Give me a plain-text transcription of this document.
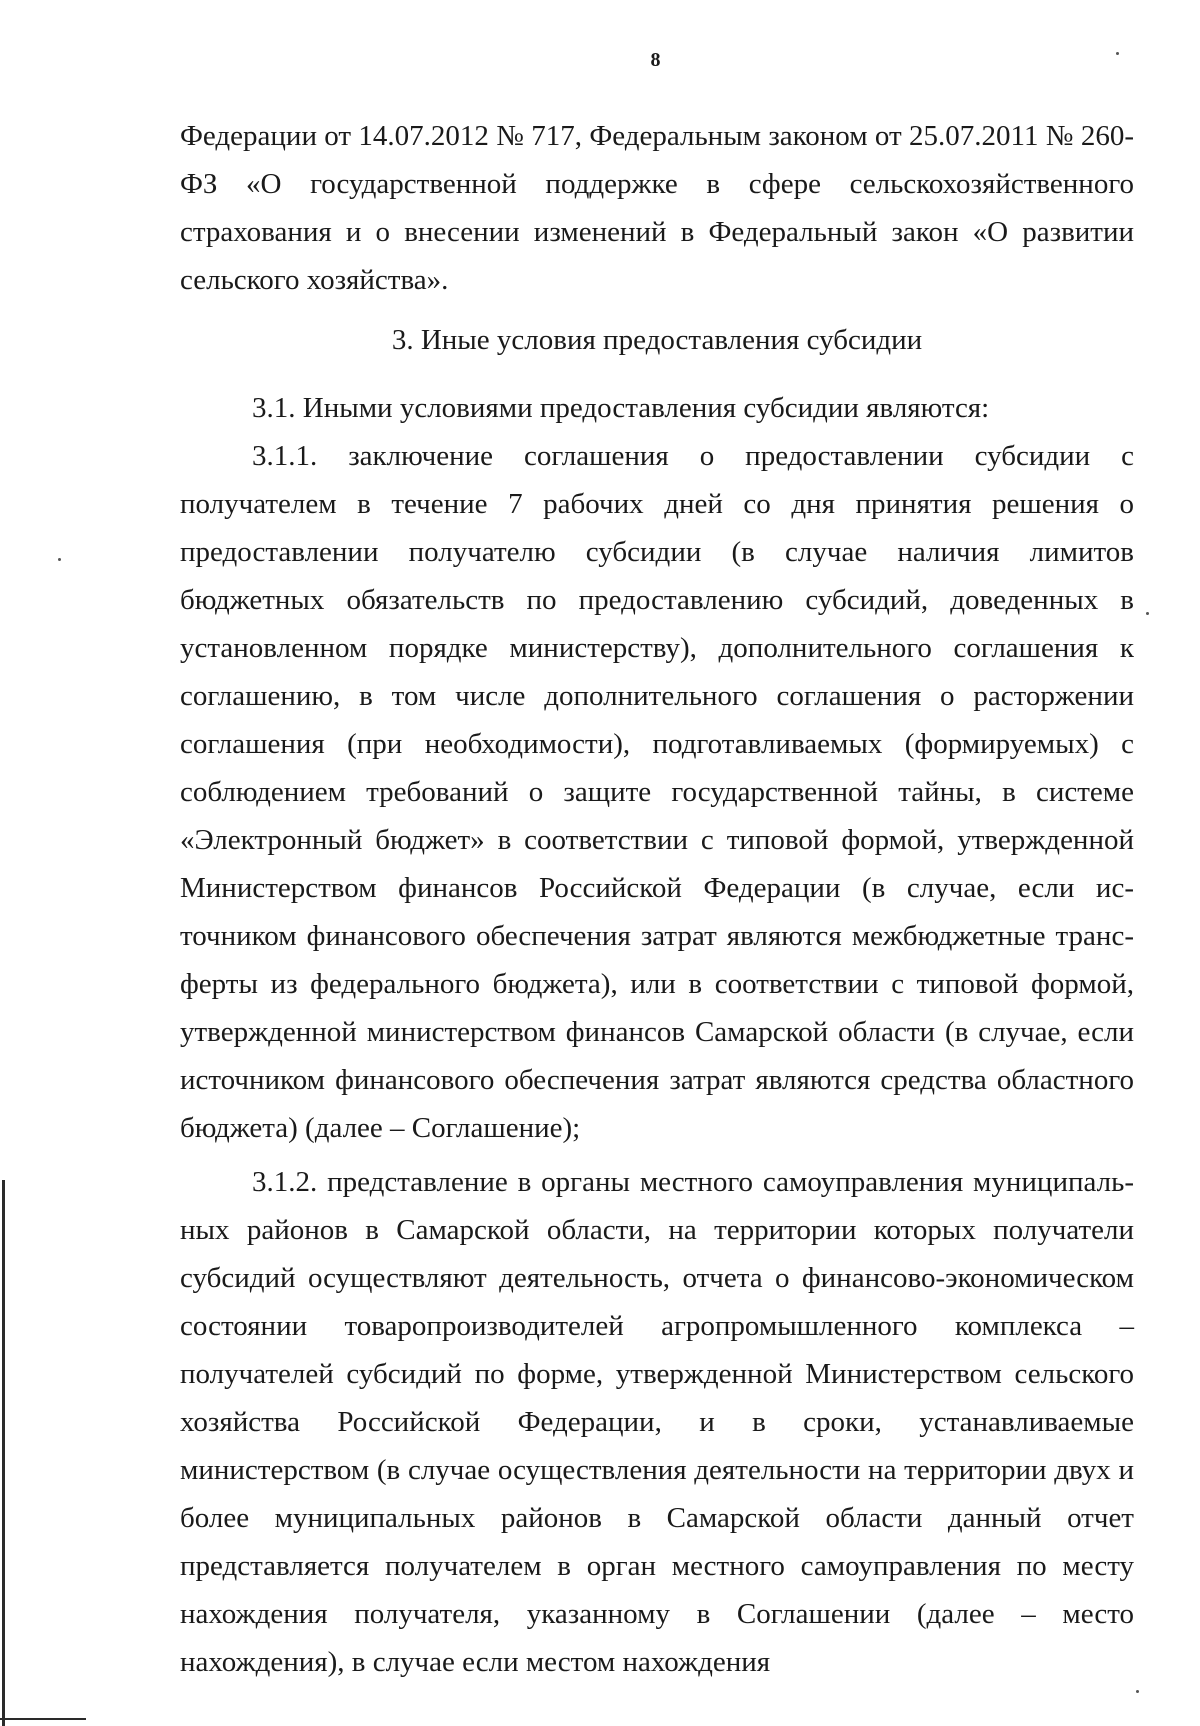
8

Федерации от 14.07.2012 № 717, Федеральным законом от 25.07.2011 № 260-ФЗ «О государственной поддержке в сфере сельскохозяйственного страхования и о внесении изменений в Федеральный закон «О развитии сельского хозяйства».

3. Иные условия предоставления субсидии

3.1. Иными условиями предоставления субсидии являются:

3.1.1. заключение соглашения о предоставлении субсидии с получателем в течение 7 рабочих дней со дня принятия решения о предоставлении получателю субсидии (в случае наличия лимитов бюджетных обязательств по предоставлению субсидий, доведенных в установленном порядке министерству), дополнительного соглашения к соглашению, в том числе дополнительного соглашения о расторжении соглашения (при необходимости), подготавливаемых (формируемых) с соблюдением требований о защите государственной тайны, в системе «Электронный бюджет» в соответствии с типовой формой, утвержденной Министерством финансов Российской Федерации (в случае, если источником финансового обеспечения затрат являются межбюджетные трансферты из федерального бюджета), или в соответствии с типовой формой, утвержденной министерством финансов Самарской области (в случае, если источником финансового обеспечения затрат являются средства областного бюджета) (далее – Соглашение);

3.1.2. представление в органы местного самоуправления муниципальных районов в Самарской области, на территории которых получатели субсидий осуществляют деятельность, отчета о финансово-экономическом состоянии товаропроизводителей агропромышленного комплекса – получателей субсидий по форме, утвержденной Министерством сельского хозяйства Российской Федерации, и в сроки, устанавливаемые министерством (в случае осуществления деятельности на территории двух и более муниципальных районов в Самарской области данный отчет представляется получателем в орган местного самоуправления по месту нахождения получателя, указанному в Соглашении (далее – место нахождения), в случае если местом нахождения
